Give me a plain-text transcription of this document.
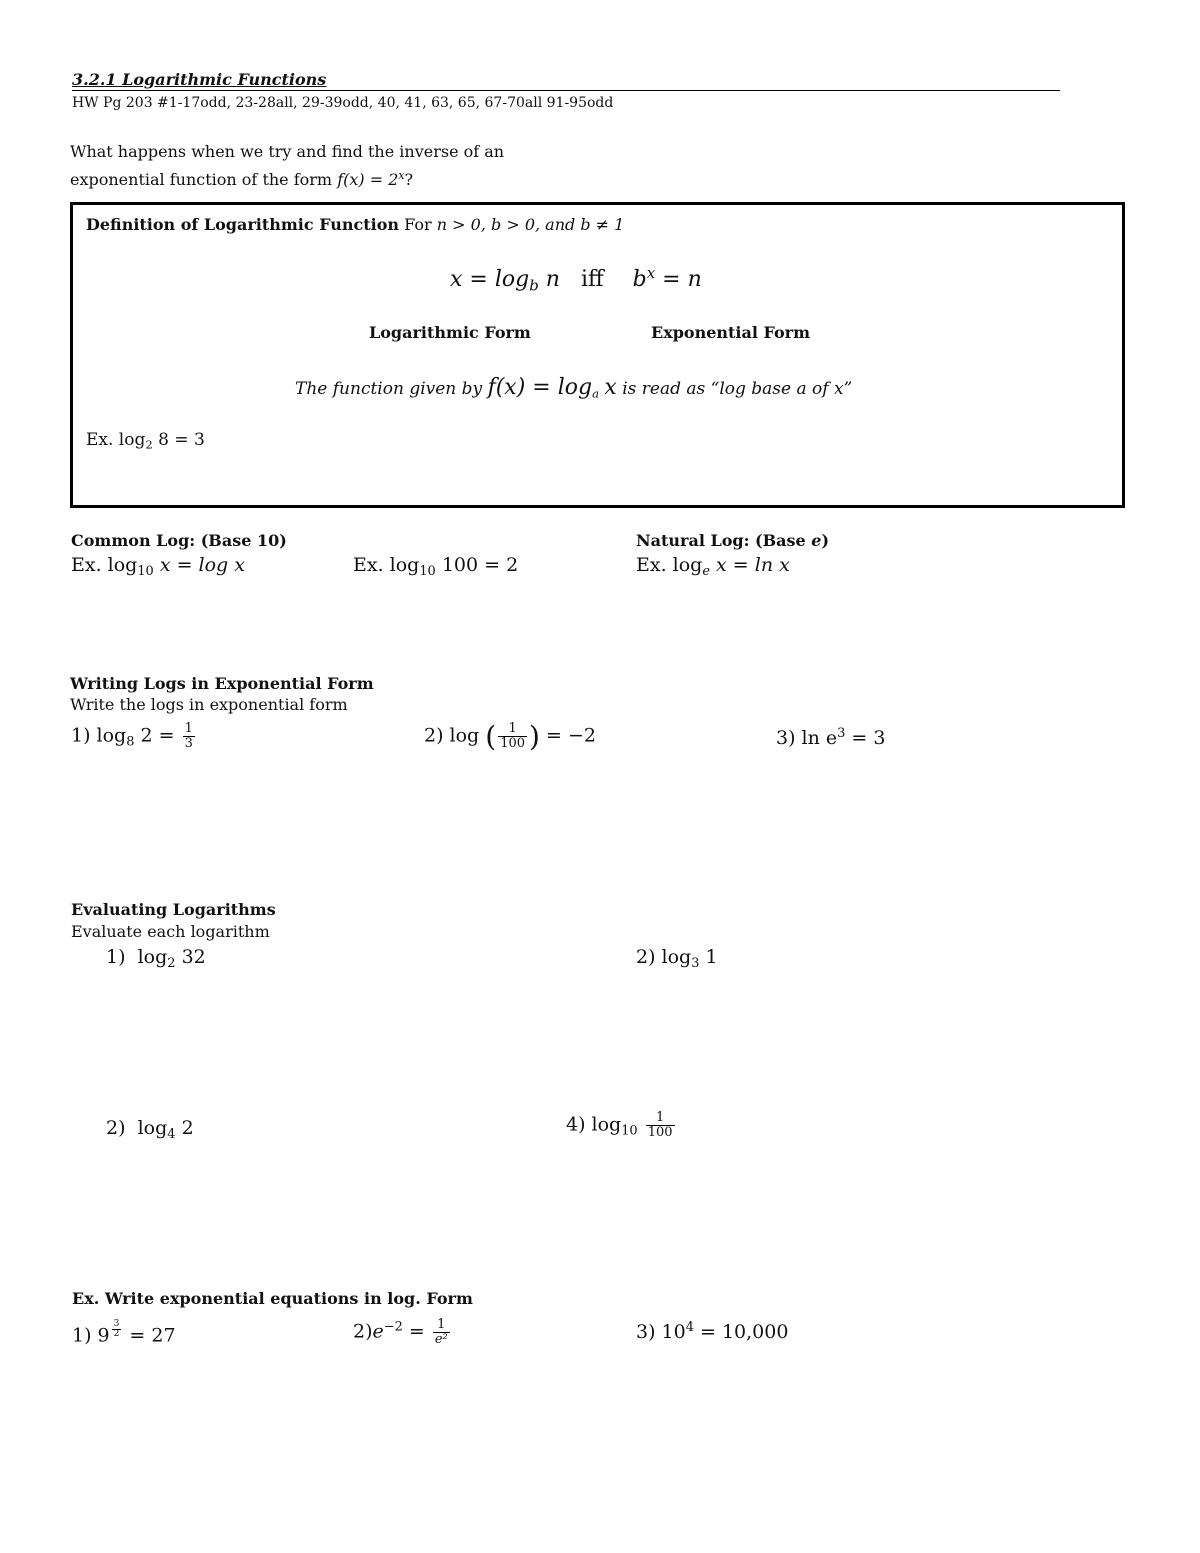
3.2.1 Logarithmic Functions
HW Pg 203 #1-17odd, 23-28all, 29-39odd, 40, 41, 63, 65, 67-70all 91-95odd
What happens when we try and find the inverse of an
exponential function of the form $f(x) = 2^x$?
Definition of Logarithmic Function For n > 0, b > 0, and b ≠ 1
$x = \log_b n$ iff $b^x = n$
Logarithmic Form	Exponential Form
The function given by $f(x) = \log_a x$ is read as “log base a of x”
Ex. $\log_2 8 = 3$
Common Log: (Base 10)
Ex. $\log_{10} x = \log x$	Ex. $\log_{10} 100 = 2$
Natural Log: (Base e)
Ex. $\log_e x = \ln x$
Writing Logs in Exponential Form
Write the logs in exponential form
1) $\log_8 2 = \frac{1}{3}$	2) log ( $\frac{1}{100}$ ) = −2	3) $\ln e^3 = 3$
Evaluating Logarithms
Evaluate each logarithm
1) $\log_2 32$	2) $\log_3 1$
2) $\log_4 2$	4) $\log_{10} \frac{1}{100}$
Ex. Write exponential equations in log. Form
1) $9 \frac{3}{2} = 27$	$2)e^{-2} = \frac{1}{\text{e²}}$	3) $10^4 = 10,000$
